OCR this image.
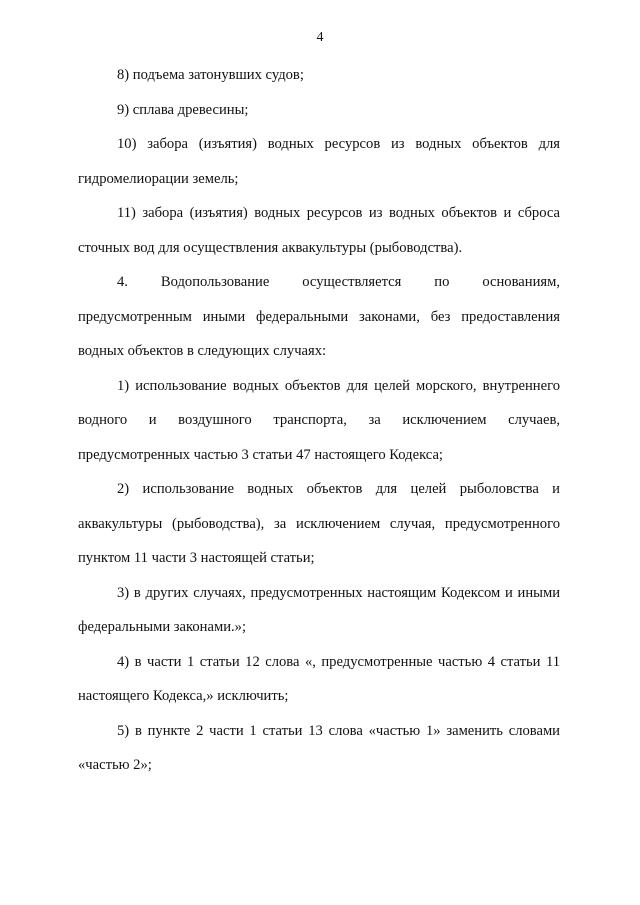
4

8) подъема затонувших судов;

9) сплава древесины;

10) забора (изъятия) водных ресурсов из водных объектов для гидромелиорации земель;

11) забора (изъятия) водных ресурсов из водных объектов и сброса сточных вод для осуществления аквакультуры (рыбоводства).

4. Водопользование осуществляется по основаниям, предусмотренным иными федеральными законами, без предоставления водных объектов в следующих случаях:

1) использование водных объектов для целей морского, внутреннего водного и воздушного транспорта, за исключением случаев, предусмотренных частью 3 статьи 47 настоящего Кодекса;

2) использование водных объектов для целей рыболовства и аквакультуры (рыбоводства), за исключением случая, предусмотренного пунктом 11 части 3 настоящей статьи;

3) в других случаях, предусмотренных настоящим Кодексом и иными федеральными законами.»;

4) в части 1 статьи 12 слова «, предусмотренные частью 4 статьи 11 настоящего Кодекса,» исключить;

5) в пункте 2 части 1 статьи 13 слова «частью 1» заменить словами «частью 2»;
